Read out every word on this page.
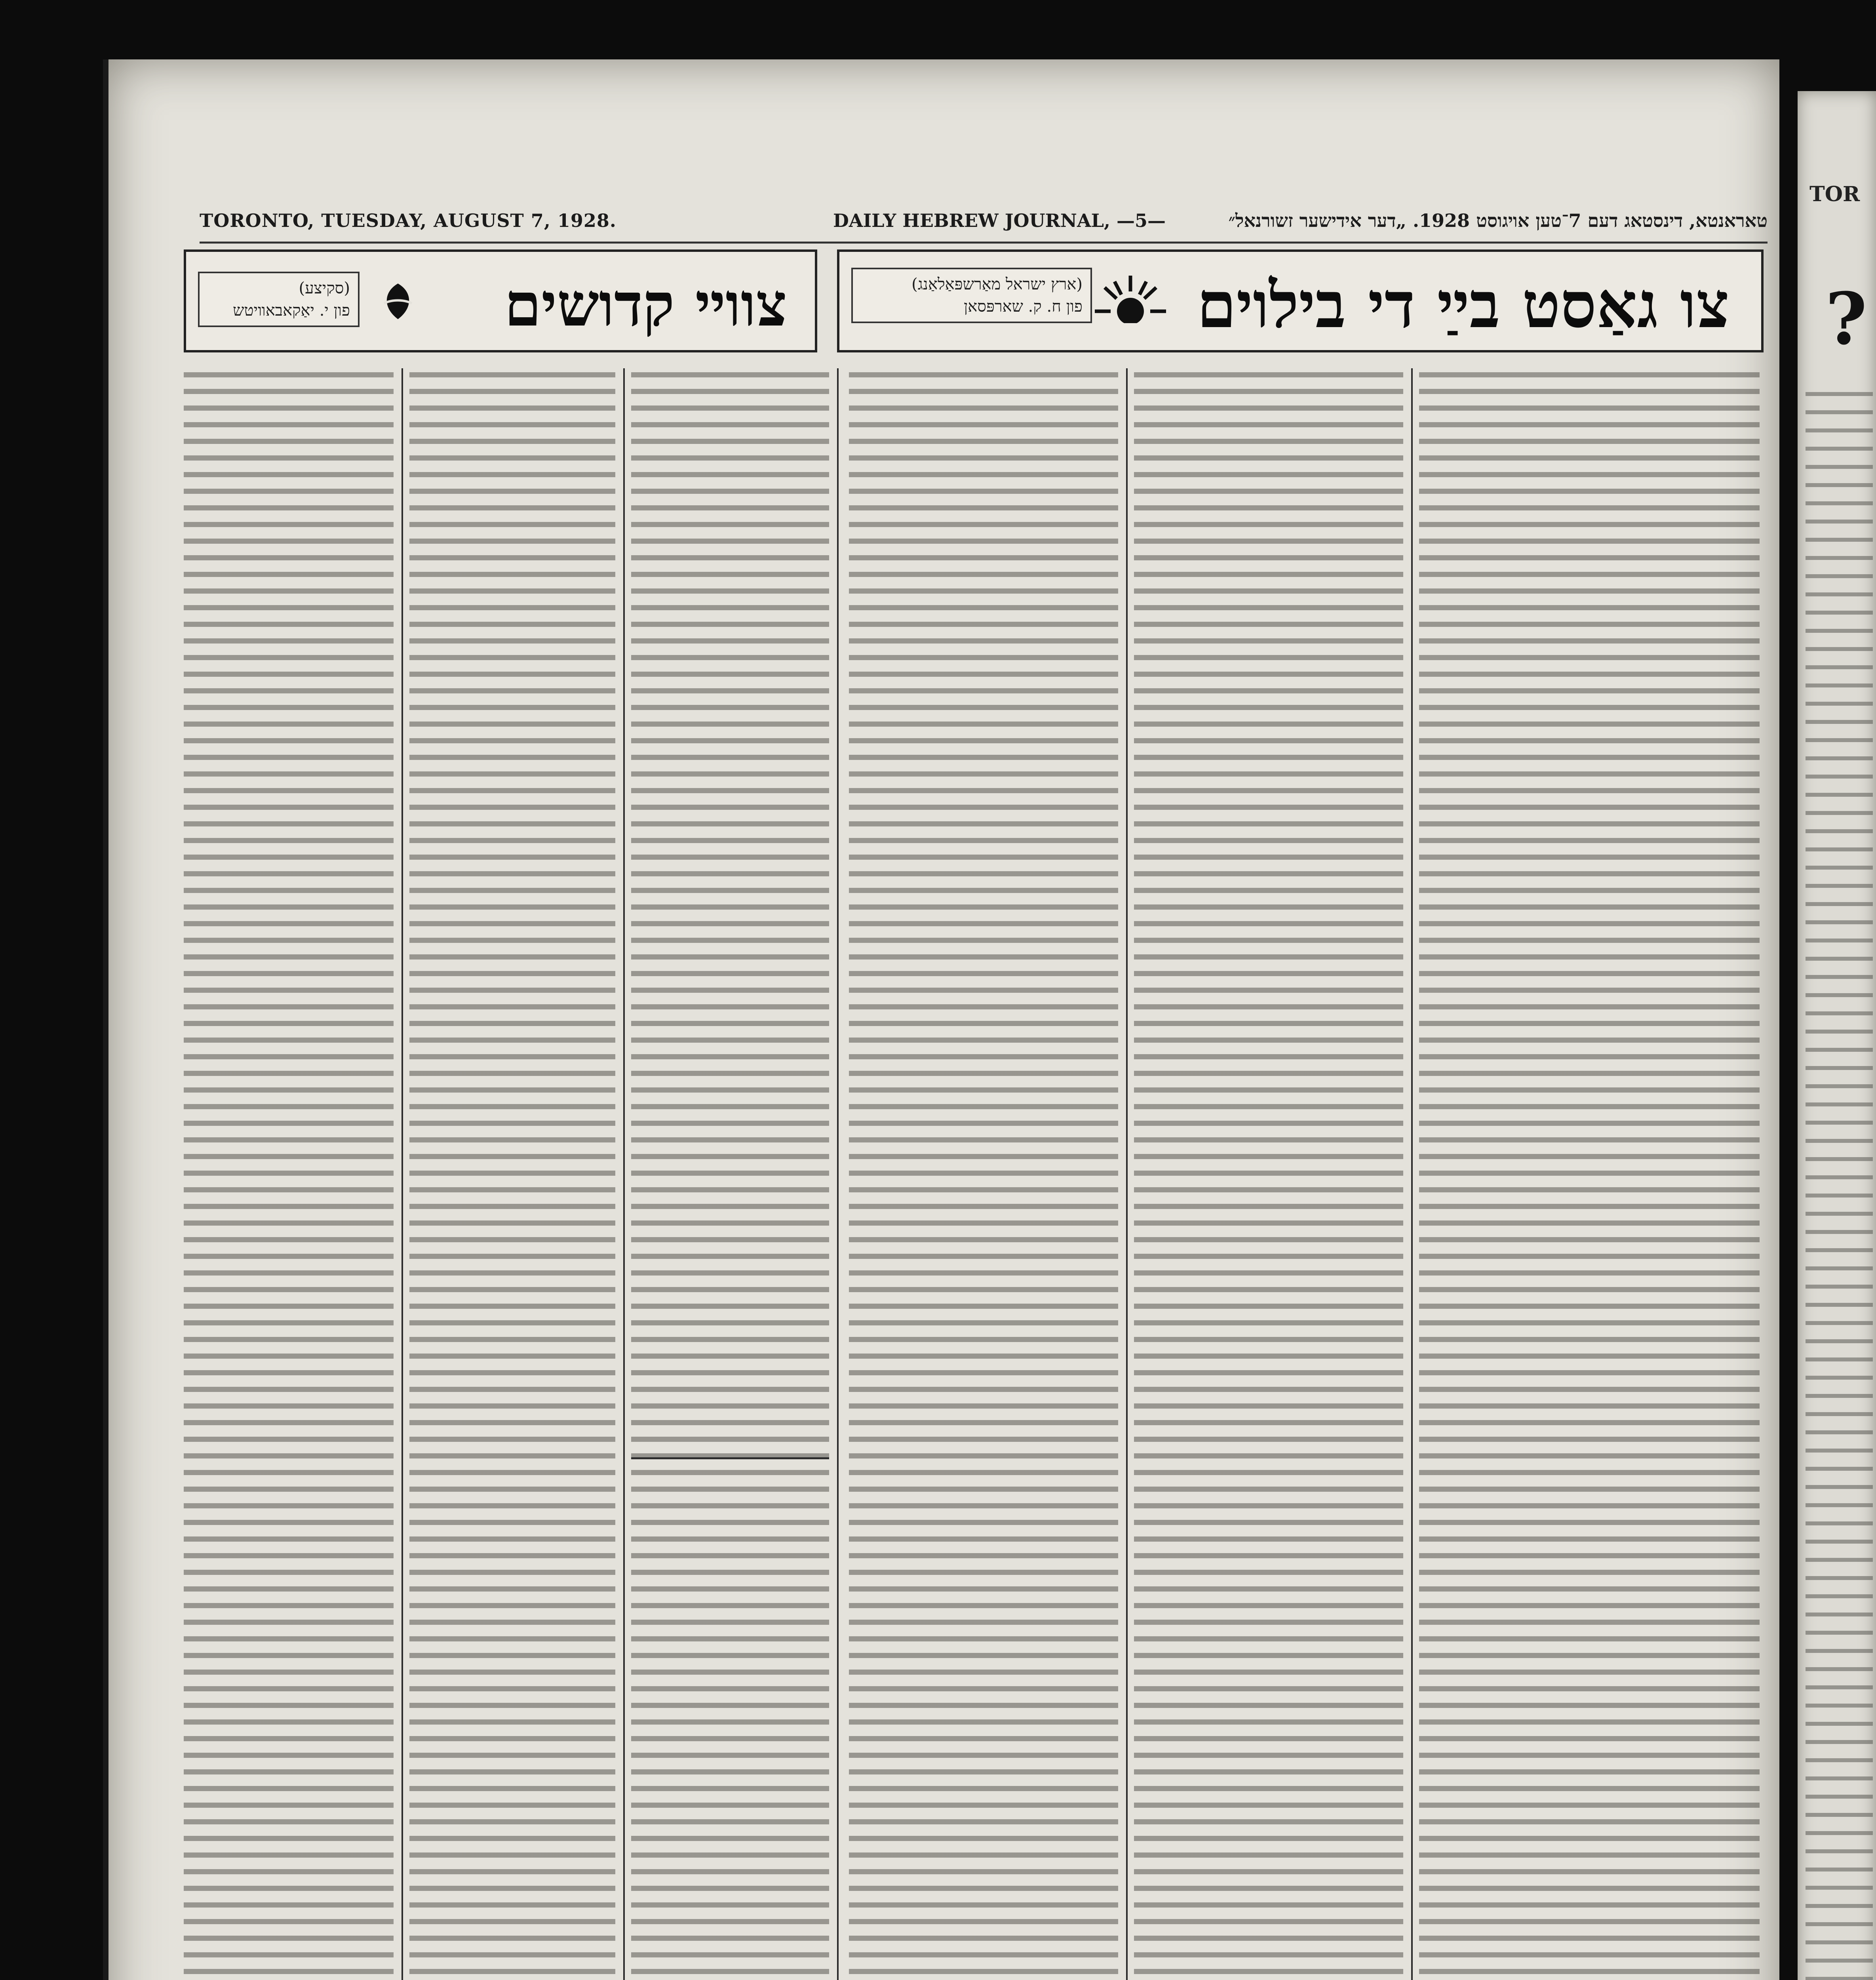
TORONTO, TUESDAY, AUGUST 7, 1928.	DAILY HEBREW JOURNAL, —5—	טאראנטא, דינסטאג דעם 7־טען אויגוסט 1928. „דער אידישער זשורנאל״
צו גאַסט בײַ די בילוים
(ארץ ישראל מאַרשפּאַלאַנג)
פון ח. ק. שארפּסאן
צווײ קדושים
(סקיצע)
פון י. יאַקאבאװיטש
TOR
?
